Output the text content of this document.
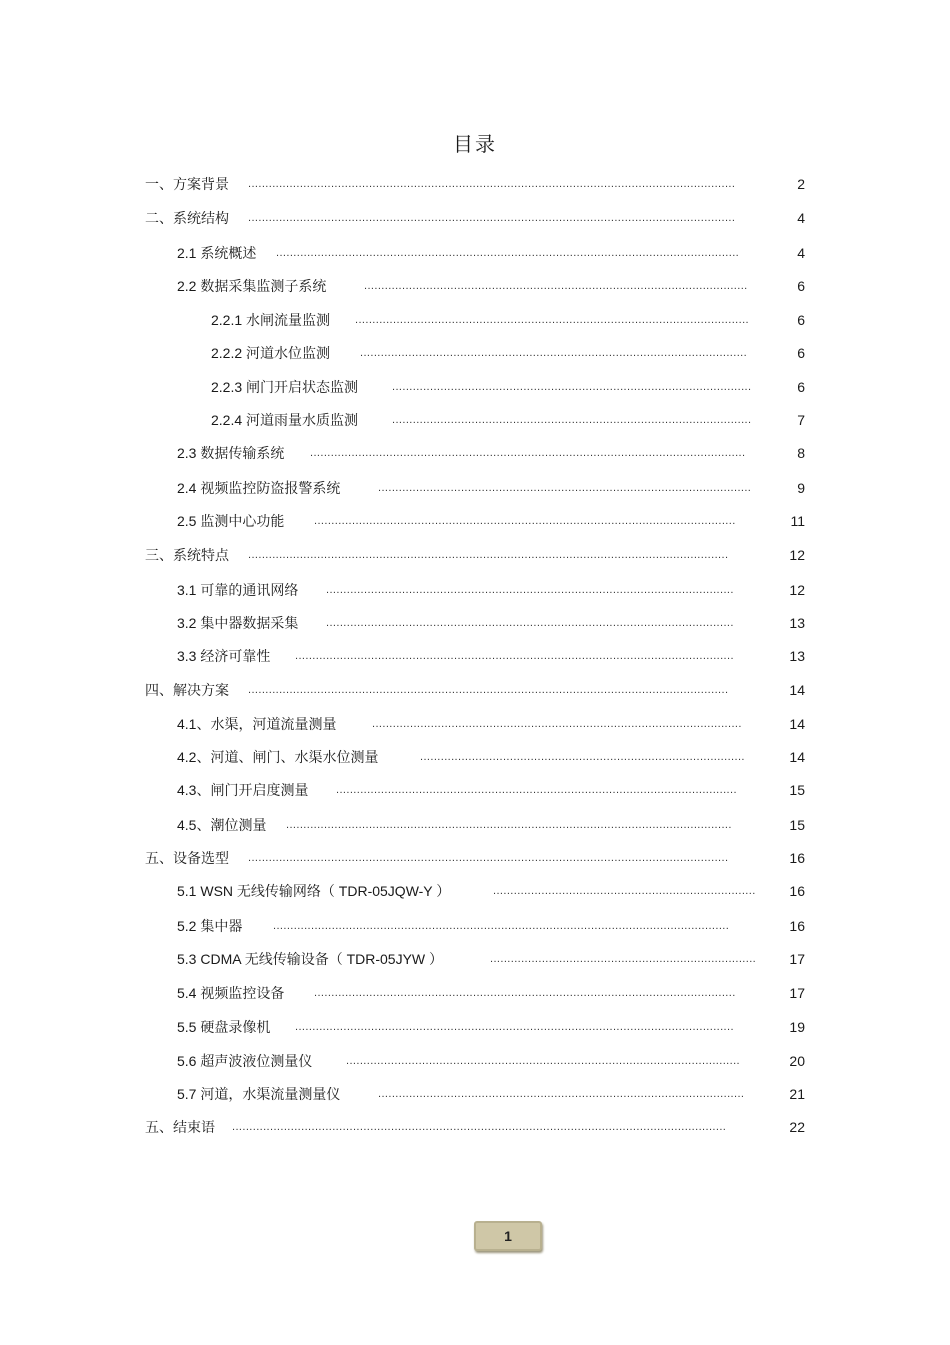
目录
一、方案背景 .............................................................................................................................................	2
二、系统结构 .............................................................................................................................................	4
2.1 系统概述 ......................................................................................................................................	4
2.2 数据采集监测子系统	...............................................................................................................	6
2.2.1 水闸流量监测 ..................................................................................................................	6
2.2.2 河道水位监测	................................................................................................................	6
2.2.3 闸门开启状态监测	........................................................................................................	6
2.2.4 河道雨量水质监测	........................................................................................................	7
2.3 数据传输系统 ..............................................................................................................................	8
2.4 视频监控防盗报警系统	............................................................................................................	9
2.5 监测中心功能	..........................................................................................................................	11
三、系统特点 ...........................................................................................................................................	12
3.1 可靠的通讯网络	......................................................................................................................	12
3.2 集中器数据采集	......................................................................................................................	13
3.3 经济可靠性 ...............................................................................................................................	13
四、解决方案 ...........................................................................................................................................	14
4.1、水渠，河道流量测量	...........................................................................................................	14
4.2、河道、闸门、水渠水位测量	..............................................................................................	14
4.3、闸门开启度测量	....................................................................................................................	15
4.5、潮位测量 .................................................................................................................................	15
五、设备选型 ...........................................................................................................................................	16
5.1 WSN 无线传输网络（ TDR-05JQW-Y ）	............................................................................	16
5.2 集中器	....................................................................................................................................	16
5.3 CDMA 无线传输设备（ TDR-05JYW ）	.............................................................................	17
5.4 视频监控设备	..........................................................................................................................	17
5.5 硬盘录像机 ...............................................................................................................................	19
5.6 超声波液位测量仪	..................................................................................................................	20
5.7 河道，水渠流量测量仪	..........................................................................................................	21
五、结束语 ...............................................................................................................................................	22
1
